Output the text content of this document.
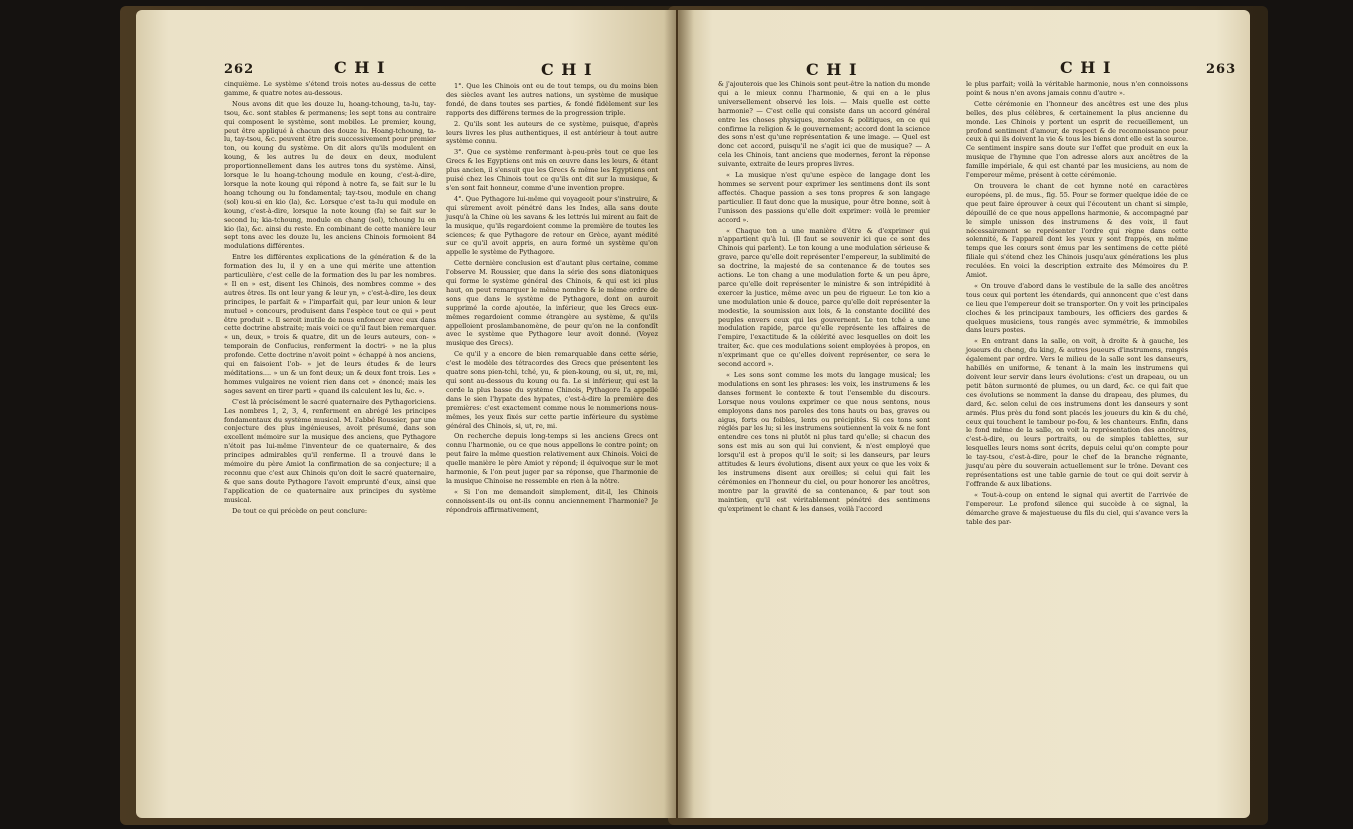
262	C H I	C H I

cinquième. Le système s'étend trois notes au-dessus de cette gamme, & quatre notes au-dessous.

Nous avons dit que les douze lu, hoang-tchoung, ta-lu, tay-tsou, &c. sont stables & permanens; les sept tons au contraire qui composent le système, sont mobiles. Le premier, koung, peut être appliqué à chacun des douze lu. Hoang-tchoung, ta-lu, tay-tsou, &c. peuvent être pris successivement pour premier ton, ou koung du système. On dit alors qu'ils modulent en koung, & les autres lu de deux en deux, modulent proportionnellement dans les autres tons du système. Ainsi, lorsque le lu hoang-tchoung module en koung, c'est-à-dire, lorsque la note koung qui répond à notre fa, se fait sur le lu hoang tchoung ou lu fondamental; tay-tsou, module en chang (sol) kou-si en kio (la), &c. Lorsque c'est ta-lu qui module en koung, c'est-à-dire, lorsque la note koung (fa) se fait sur le second lu; kia-tchoung, module en chang (sol), tchoung lu en kio (la), &c. ainsi du reste. En combinant de cette manière leur sept tons avec les douze lu, les anciens Chinois formoient 84 modulations différentes.

Entre les différentes explications de la génération & de la formation des lu, il y en a une qui mérite une attention particulière, c'est celle de la formation des lu par les nombres. « Il en » est, disent les Chinois, des nombres comme » des autres êtres. Ils ont leur yang & leur yn, » c'est-à-dire, les deux principes, le parfait & » l'imparfait qui, par leur union & leur mutuel » concours, produisent dans l'espèce tout ce qui » peut être produit ». Il seroit inutile de nous enfoncer avec eux dans cette doctrine abstraite; mais voici ce qu'il faut bien remarquer. « un, deux, » trois & quatre, dit un de leurs auteurs, con- » temporain de Confucius, renferment la doctri- » ne la plus profonde. Cette doctrine n'avoit point » échappé à nos anciens, qui en faisoient l'ob- » jet de leurs études & de leurs méditations.... » un & un font deux; un & deux font trois. Les » hommes vulgaires ne voient rien dans cet » énoncé; mais les sages savent en tirer parti » quand ils calculent les lu, &c. ».

C'est là précisément le sacré quaternaire des Pythagoriciens. Les nombres 1, 2, 3, 4, renferment en abrégé les principes fondamentaux du système musical. M. l'abbé Roussier, par une conjecture des plus ingénieuses, avoit présumé, dans son excellent mémoire sur la musique des anciens, que Pythagore n'étoit pas lui-même l'inventeur de ce quaternaire, & des principes admirables qu'il renferme. Il a trouvé dans le mémoire du père Amiot la confirmation de sa conjecture; il a reconnu que c'est aux Chinois qu'on doit le sacré quaternaire, & que sans doute Pythagore l'avoit emprunté d'eux, ainsi que l'application de ce quaternaire aux principes du système musical.

De tout ce qui précède on peut conclure:

1°. Que les Chinois ont eu de tout temps, ou du moins bien des siècles avant les autres nations, un système de musique fondé, de dans toutes ses parties, & fondé fidèlement sur les rapports des différens termes de la progression triple.

2. Qu'ils sont les auteurs de ce système, puisque, d'après leurs livres les plus authentiques, il est antérieur à tout autre système connu.

3°. Que ce système renfermant à-peu-près tout ce que les Grecs & les Egyptiens ont mis en œuvre dans les leurs, & étant plus ancien, il s'ensuit que les Grecs & même les Egyptiens ont puisé chez les Chinois tout ce qu'ils ont dit sur la musique, & s'en sont fait honneur, comme d'une invention propre.

4°. Que Pythagore lui-même qui voyageoit pour s'instruire, & qui sûrement avoit pénétré dans les Indes, alla sans doute jusqu'à la Chine où les savans & les lettrés lui mirent au fait de la musique, qu'ils regardoient comme la première de toutes les sciences; & que Pythagore de retour en Grèce, ayant médité sur ce qu'il avoit appris, en aura formé un système qu'on appelle le système de Pythagore.

Cette dernière conclusion est d'autant plus certaine, comme l'observe M. Roussier, que dans la série des sons diatoniques qui forme le système général des Chinois, & qui est ici plus haut, on peut remarquer le même nombre & le même ordre de sons que dans le système de Pythagore, dont on auroit supprimé la corde ajoutée, la inférieur, que les Grecs eux-mêmes regardoient comme étrangère au système, & qu'ils appelloient proslambanomène, de peur qu'on ne la confondît avec le système que Pythagore leur avoit donné. (Voyez musique des Grecs).

Ce qu'il y a encore de bien remarquable dans cette série, c'est le modèle des tétracordes des Grecs que présentent les quatre sons pien-tchi, tché, yu, & pien-koung, ou si, ut, re, mi, qui sont au-dessous du koung ou fa. Le si inférieur, qui est la corde la plus basse du système Chinois, Pythagore l'a appellé dans le sien l'hypate des hypates, c'est-à-dire la première des premières: c'est exactement comme nous le nommerions nous-mêmes, les yeux fixés sur cette partie inférieure du système général des Chinois, si, ut, re, mi.

On recherche depuis long-temps si les anciens Grecs ont connu l'harmonie, ou ce que nous appellons le contre point; on peut faire la même question relativement aux Chinois. Voici de quelle manière le père Amiot y répond; il équivoque sur le mot harmonie, & l'on peut juger par sa réponse, que l'harmonie de la musique Chinoise ne ressemble en rien à la nôtre.

« Si l'on me demandoit simplement, dit-il, les Chinois connoissent-ils ou ont-ils connu anciennement l'harmonie? Je répondrois affirmativement,

C H I	C H I	263

& j'ajouterois que les Chinois sont peut-être la nation du monde qui a le mieux connu l'harmonie, & qui en a le plus universellement observé les lois. — Mais quelle est cette harmonie? — C'est celle qui consiste dans un accord général entre les choses physiques, morales & politiques, en ce qui confirme la religion & le gouvernement; accord dont la science des sons n'est qu'une représentation & une image. — Quel est donc cet accord, puisqu'il ne s'agit ici que de musique? — A cela les Chinois, tant anciens que modernes, feront la réponse suivante, extraite de leurs propres livres.

« La musique n'est qu'une espèce de langage dont les hommes se servent pour exprimer les sentimens dont ils sont affectés. Chaque passion a ses tons propres & son langage particulier. Il faut donc que la musique, pour être bonne, soit à l'unisson des passions qu'elle doit exprimer: voilà le premier accord ».

« Chaque ton a une manière d'être & d'exprimer qui n'appartient qu'à lui. (Il faut se souvenir ici que ce sont des Chinois qui parlent). Le ton koung a une modulation sérieuse & grave, parce qu'elle doit représenter l'empereur, la sublimité de sa doctrine, la majesté de sa contenance & de toutes ses actions. Le ton chang a une modulation forte & un peu âpre, parce qu'elle doit représenter le ministre & son intrépidité à exercer la justice, même avec un peu de rigueur. Le ton kio a une modulation unie & douce, parce qu'elle doit représenter la modestie, la soumission aux lois, & la constante docilité des peuples envers ceux qui les gouvernent. Le ton tché a une modulation rapide, parce qu'elle représente les affaires de l'empire, l'exactitude & la célérité avec lesquelles on doit les traiter, &c. que ces modulations soient employées à propos, en n'exprimant que ce qu'elles doivent représenter, ce sera le second accord ».

« Les sons sont comme les mots du langage musical; les modulations en sont les phrases: les voix, les instrumens & les danses forment le contexte & tout l'ensemble du discours. Lorsque nous voulons exprimer ce que nous sentons, nous employons dans nos paroles des tons hauts ou bas, graves ou aigus, forts ou foibles, lents ou précipités. Si ces tons sont réglés par les lu; si les instrumens soutiennent la voix & ne font entendre ces tons ni plutôt ni plus tard qu'elle; si chacun des sons est mis au son qui lui convient, & n'est employé que lorsqu'il est à propos qu'il le soit; si les danseurs, par leurs attitudes & leurs évolutions, disent aux yeux ce que les voix & les instrumens disent aux oreilles; si celui qui fait les cérémonies en l'honneur du ciel, ou pour honorer les ancêtres, montre par la gravité de sa contenance, & par tout son maintien, qu'il est véritablement pénétré des sentimens qu'expriment le chant & les danses, voilà l'accord

le plus parfait; voilà la véritable harmonie, nous n'en connoissons point & nous n'en avons jamais connu d'autre ».

Cette cérémonie en l'honneur des ancêtres est une des plus belles, des plus célèbres, & certainement la plus ancienne du monde. Les Chinois y portent un esprit de recueillement, un profond sentiment d'amour, de respect & de reconnoissance pour ceux à qui ils doivent la vie & tous les biens dont elle est la source. Ce sentiment inspire sans doute sur l'effet que produit en eux la musique de l'hymne que l'on adresse alors aux ancêtres de la famille impériale, & qui est chanté par les musiciens, au nom de l'empereur même, présent à cette cérémonie.

On trouvera le chant de cet hymne noté en caractères européens, pl. de mus., fig. 55. Pour se former quelque idée de ce que peut faire éprouver à ceux qui l'écoutent un chant si simple, dépouillé de ce que nous appellons harmonie, & accompagné par le simple unisson des instrumens & des voix, il faut nécessairement se représenter l'ordre qui règne dans cette solennité, & l'appareil dont les yeux y sont frappés, en même temps que les cœurs sont émus par les sentimens de cette piété filiale qui s'étend chez les Chinois jusqu'aux générations les plus reculées. En voici la description extraite des Mémoires du P. Amiot.

« On trouve d'abord dans le vestibule de la salle des ancêtres tous ceux qui portent les étendards, qui annoncent que c'est dans ce lieu que l'empereur doit se transporter. On y voit les principales cloches & les principaux tambours, les officiers des gardes & quelques musiciens, tous rangés avec symmétrie, & immobiles dans leurs postes.

« En entrant dans la salle, on voit, à droite & à gauche, les joueurs du cheng, du king, & autres joueurs d'instrumens, rangés également par ordre. Vers le milieu de la salle sont les danseurs, habillés en uniforme, & tenant à la main les instrumens qui doivent leur servir dans leurs évolutions: c'est un drapeau, ou un petit bâton surmonté de plumes, ou un dard, &c. ce qui fait que ces évolutions se nomment la danse du drapeau, des plumes, du dard, &c. selon celui de ces instrumens dont les danseurs y sont armés. Plus près du fond sont placés les joueurs du kin & du ché, ceux qui touchent le tambour po-fou, & les chanteurs. Enfin, dans le fond même de la salle, on voit la représentation des ancêtres, c'est-à-dire, ou leurs portraits, ou de simples tablettes, sur lesquelles leurs noms sont écrits, depuis celui qu'on compte pour le tay-tsou, c'est-à-dire, pour le chef de la branche régnante, jusqu'au père du souverain actuellement sur le trône. Devant ces représentations est une table garnie de tout ce qui doit servir à l'offrande & aux libations.

« Tout-à-coup on entend le signal qui avertit de l'arrivée de l'empereur. Le profond silence qui succède à ce signal, la démarche grave & majestueuse du fils du ciel, qui s'avance vers la table des par-
